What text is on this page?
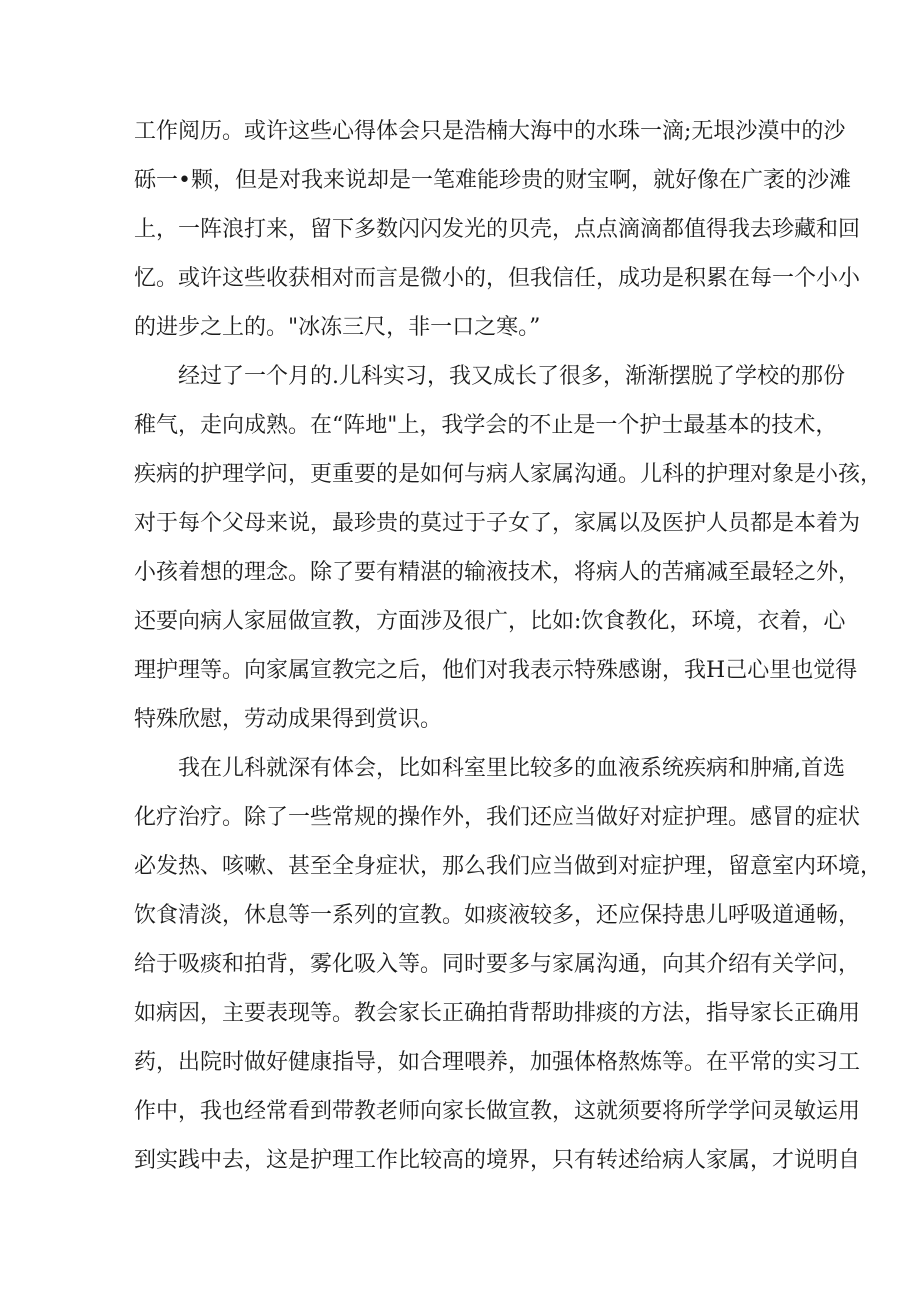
工作阅历。或许这些心得体会只是浩楠大海中的水珠一滴;无垠沙漠中的沙
砾一•颗，但是对我来说却是一笔难能珍贵的财宝啊，就好像在广袤的沙滩
上，一阵浪打来，留下多数闪闪发光的贝壳，点点滴滴都值得我去珍藏和回
忆。或许这些收获相对而言是微小的，但我信任，成功是积累在每一个小小
的进步之上的。"冰冻三尺，非一口之寒。”
经过了一个月的.儿科实习，我又成长了很多，渐渐摆脱了学校的那份
稚气，走向成熟。在“阵地"上，我学会的不止是一个护士最基本的技术，
疾病的护理学问，更重要的是如何与病人家属沟通。儿科的护理对象是小孩，
对于每个父母来说，最珍贵的莫过于子女了，家属以及医护人员都是本着为
小孩着想的理念。除了要有精湛的输液技术，将病人的苦痛减至最轻之外，
还要向病人家屈做宣教，方面涉及很广，比如:饮食教化，环境，衣着，心
理护理等。向家属宣教完之后，他们对我表示特殊感谢，我H己心里也觉得
特殊欣慰，劳动成果得到赏识。
我在儿科就深有体会，比如科室里比较多的血液系统疾病和肿痛,首选
化疗治疗。除了一些常规的操作外，我们还应当做好对症护理。感冒的症状
必发热、咳嗽、甚至全身症状，那么我们应当做到对症护理，留意室内环境，
饮食清淡，休息等一系列的宣教。如痰液较多，还应保持患儿呼吸道通畅，
给于吸痰和拍背，雾化吸入等。同时要多与家属沟通，向其介绍有关学问，
如病因，主要表现等。教会家长正确拍背帮助排痰的方法，指导家长正确用
药，出院时做好健康指导，如合理喂养，加强体格熬炼等。在平常的实习工
作中，我也经常看到带教老师向家长做宣教，这就须要将所学学问灵敏运用
到实践中去，这是护理工作比较高的境界，只有转述给病人家属，才说明自
